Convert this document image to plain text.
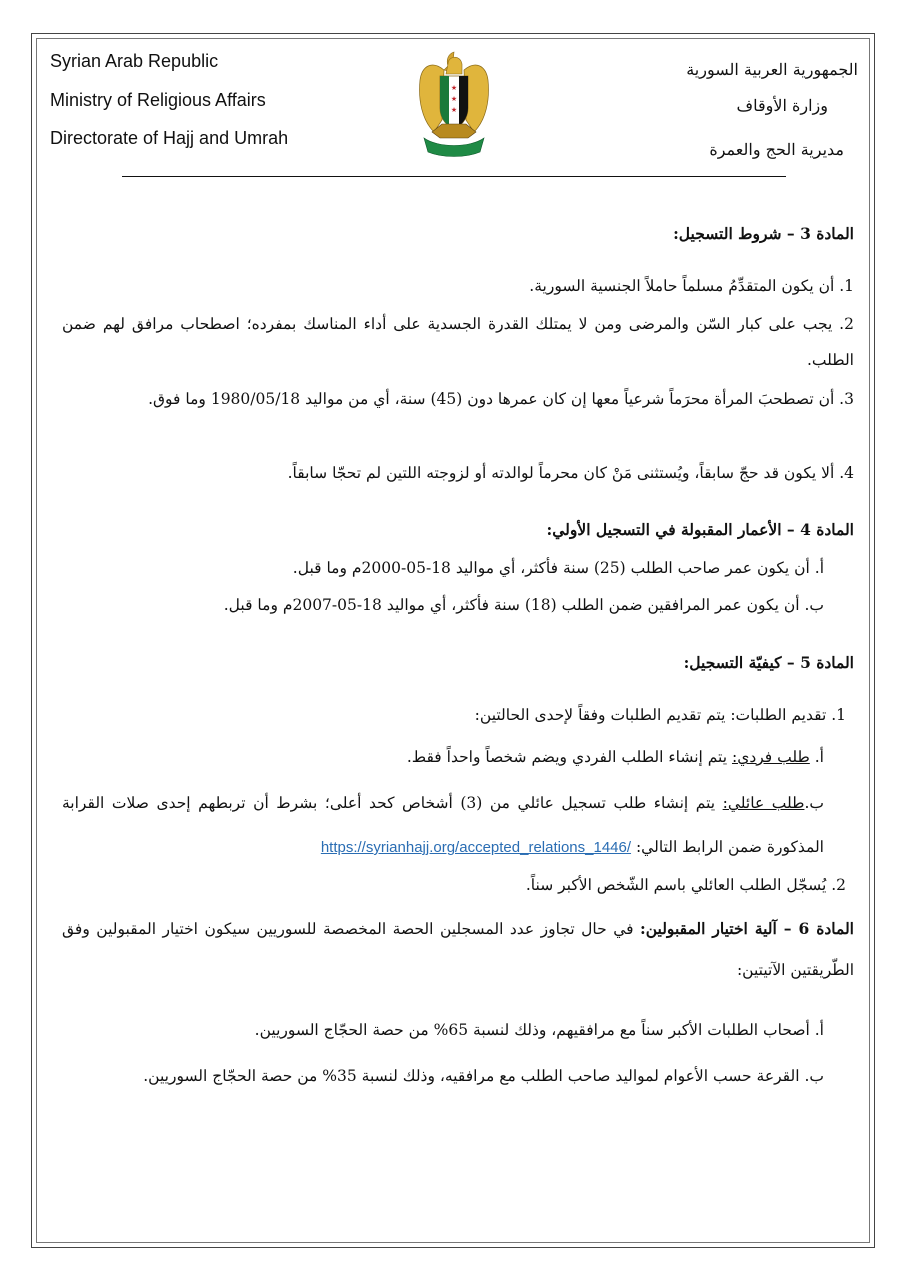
Syrian Arab Republic
Ministry of Religious Affairs
Directorate of Hajj and Umrah
الجمهورية العربية السورية
وزارة الأوقاف
مديرية الحج والعمرة
★
★
★
المادة 3 – شروط التسجيل:
1. أن يكون المتقدِّمُ مسلماً حاملاً الجنسية السورية.
2. يجب على كبار السّن والمرضى ومن لا يمتلك القدرة الجسدية على أداء المناسك بمفرده؛ اصطحاب مرافق لهم ضمن الطلب.
3. أن تصطحبَ المرأة محرَماً شرعياً معها إن كان عمرها دون (45) سنة، أي من مواليد 1980/05/18 وما فوق.
4. ألا يكون قد حجّ سابقاً، ويُستثنى مَنْ كان محرماً لوالدته أو لزوجته اللتين لم تحجّا سابقاً.
المادة 4 – الأعمار المقبولة في التسجيل الأولي:
أ. أن يكون عمر صاحب الطلب (25) سنة فأكثر، أي مواليد 18-05-2000م وما قبل.
ب. أن يكون عمر المرافقين ضمن الطلب (18) سنة فأكثر، أي مواليد 18-05-2007م وما قبل.
المادة 5 – كيفيّة التسجيل:
1. تقديم الطلبات: يتم تقديم الطلبات وفقاً لإحدى الحالتين:
أ. طلب فردي: يتم إنشاء الطلب الفردي ويضم شخصاً واحداً فقط.
ب.طلب عائلي: يتم إنشاء طلب تسجيل عائلي من (3) أشخاص كحد أعلى؛ بشرط أن تربطهم إحدى صلات القرابة المذكورة ضمن الرابط التالي: https://syrianhajj.org/accepted_relations_1446/
2. يُسجّل الطلب العائلي باسم الشّخص الأكبر سناً.
المادة 6 – آلية اختيار المقبولين: في حال تجاوز عدد المسجلين الحصة المخصصة للسوريين سيكون اختيار المقبولين وفق الطّريقتين الآتيتين:
أ. أصحاب الطلبات الأكبر سناً مع مرافقيهم، وذلك لنسبة 65% من حصة الحجّاج السوريين.
ب. القرعة حسب الأعوام لمواليد صاحب الطلب مع مرافقيه، وذلك لنسبة 35% من حصة الحجّاج السوريين.
